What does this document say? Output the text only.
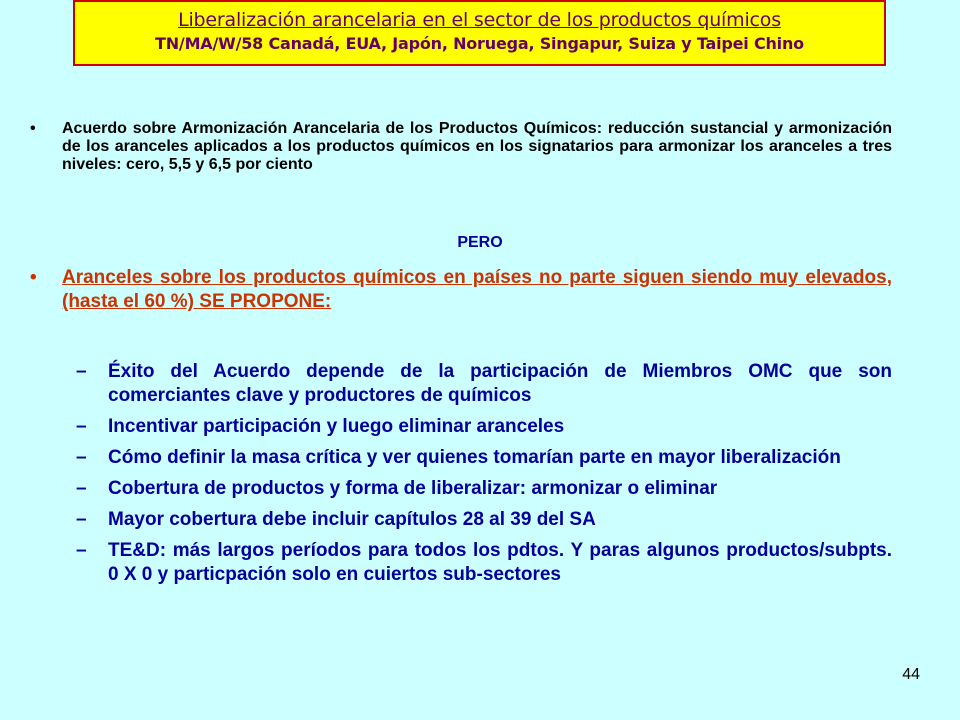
Liberalización arancelaria en el sector de los productos químicos
TN/MA/W/58 Canadá, EUA, Japón, Noruega, Singapur, Suiza y Taipei Chino
• Acuerdo sobre Armonización Arancelaria de los Productos Químicos: reducción sustancial y armonización de los aranceles aplicados a los productos químicos en los signatarios para armonizar los aranceles a tres niveles: cero, 5,5 y 6,5 por ciento
PERO
• Aranceles sobre los productos químicos en países no parte siguen siendo muy elevados, (hasta el 60 %) SE PROPONE:
– Éxito del Acuerdo depende de la participación de Miembros OMC que son comerciantes clave y productores de químicos
– Incentivar participación y luego eliminar aranceles
– Cómo definir la masa crítica y ver quienes tomarían parte en mayor liberalización
– Cobertura de productos y forma de liberalizar: armonizar o eliminar
– Mayor cobertura debe incluir capítulos 28 al 39 del SA
– TE&D: más largos períodos para todos los pdtos. Y paras algunos productos/subpts. 0 X 0 y particpación solo en cuiertos sub-sectores
44
